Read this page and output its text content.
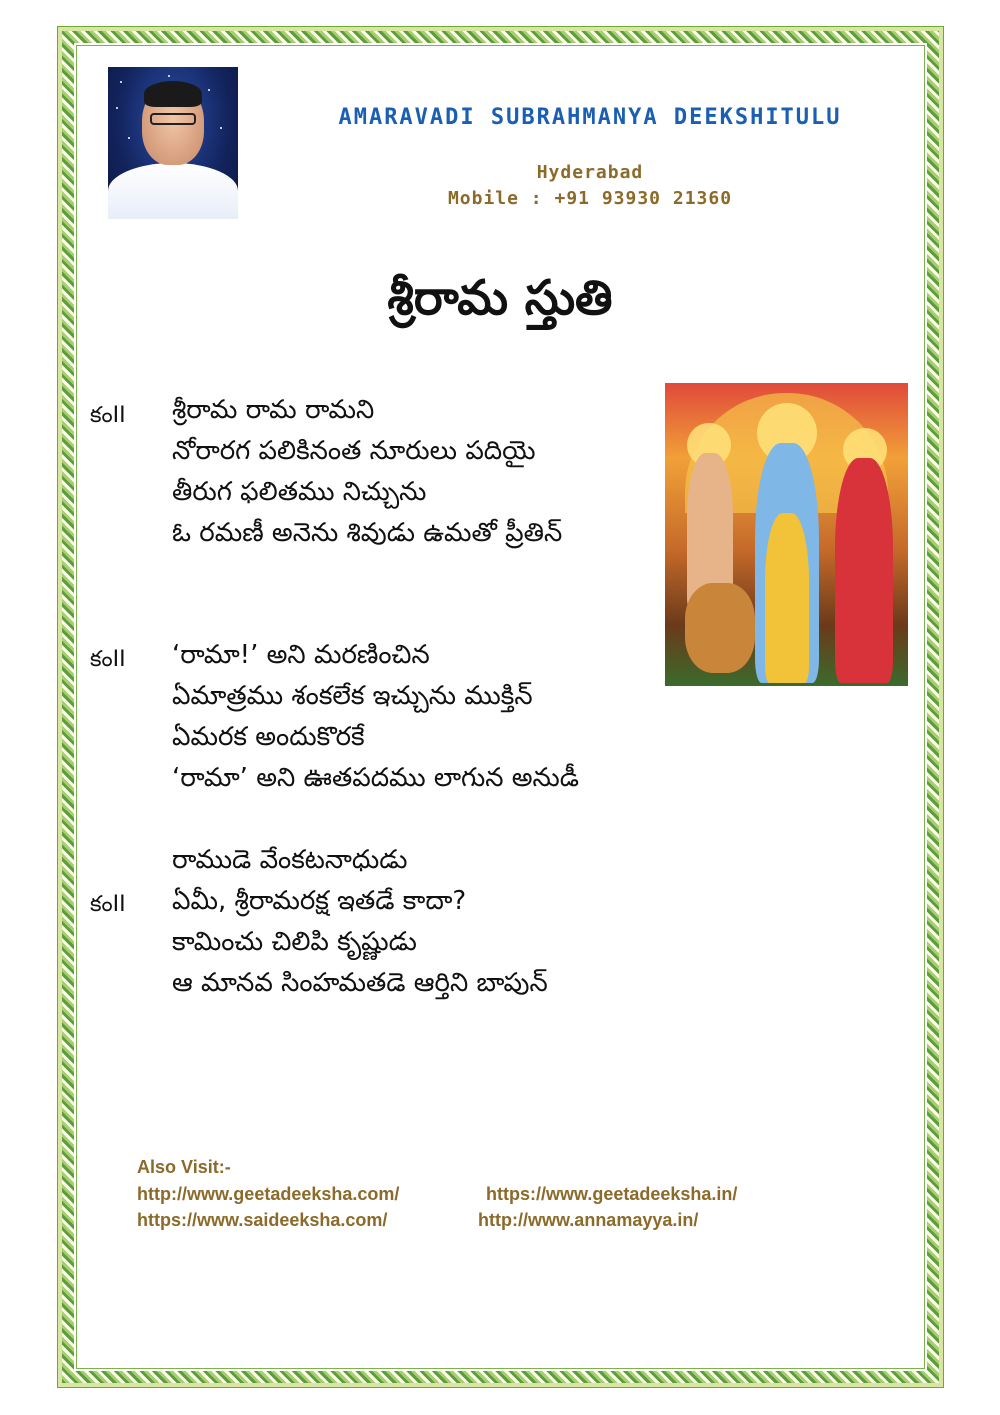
AMARAVADI SUBRAHMANYA DEEKSHITULU
Hyderabad
Mobile : +91 93930 21360
శ్రీరామ స్తుతి
కంII శ్రీరామ రామ రామని
నోరారగ పలికినంత నూరులు పదియై
తీరుగ ఫలితము నిచ్చును
ఓ రమణీ అనెను శివుడు ఉమతో ప్రీతిన్
కంII ‘రామా!’ అని మరణించిన
ఏమాత్రము శంకలేక ఇచ్చును ముక్తిన్
ఏమరక అందుకొరకే
‘రామా’ అని ఊతపదము లాగున అనుడీ
కంII
రాముడె వేంకటనాధుడు
ఏమీ, శ్రీరామరక్ష ఇతడే కాదా?
కామించు చిలిపి కృష్ణుడు
ఆ మానవ సింహమతడె ఆర్తిని బాపున్
Also Visit:-
http://www.geetadeeksha.com/	https://www.geetadeeksha.in/
https://www.saideeksha.com/	http://www.annamayya.in/
